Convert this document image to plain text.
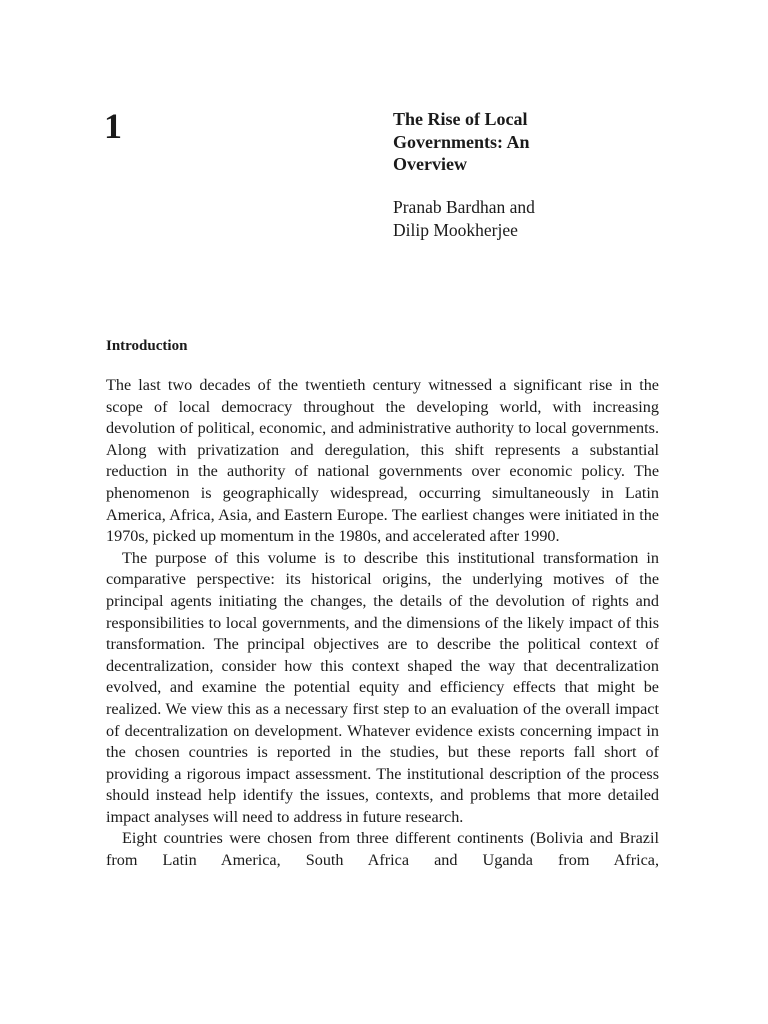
1	The Rise of Local
Governments: An
Overview
Pranab Bardhan and
Dilip Mookherjee
Introduction

The last two decades of the twentieth century witnessed a significant rise in the scope of local democracy throughout the developing world, with increasing devolution of political, economic, and administrative authority to local governments. Along with privatization and deregulation, this shift represents a substantial reduction in the authority of national governments over economic policy. The phenomenon is geographically widespread, occurring simultaneously in Latin America, Africa, Asia, and Eastern Europe. The earliest changes were initiated in the 1970s, picked up momentum in the 1980s, and accelerated after 1990.

The purpose of this volume is to describe this institutional transformation in comparative perspective: its historical origins, the underlying motives of the principal agents initiating the changes, the details of the devolution of rights and responsibilities to local governments, and the dimensions of the likely impact of this transformation. The principal objectives are to describe the political context of decentralization, consider how this context shaped the way that decentralization evolved, and examine the potential equity and efficiency effects that might be realized. We view this as a necessary first step to an evaluation of the overall impact of decentralization on development. Whatever evidence exists concerning impact in the chosen countries is reported in the studies, but these reports fall short of providing a rigorous impact assessment. The institutional description of the process should instead help identify the issues, contexts, and problems that more detailed impact analyses will need to address in future research.

Eight countries were chosen from three different continents (Bolivia and Brazil from Latin America, South Africa and Uganda from Africa,
